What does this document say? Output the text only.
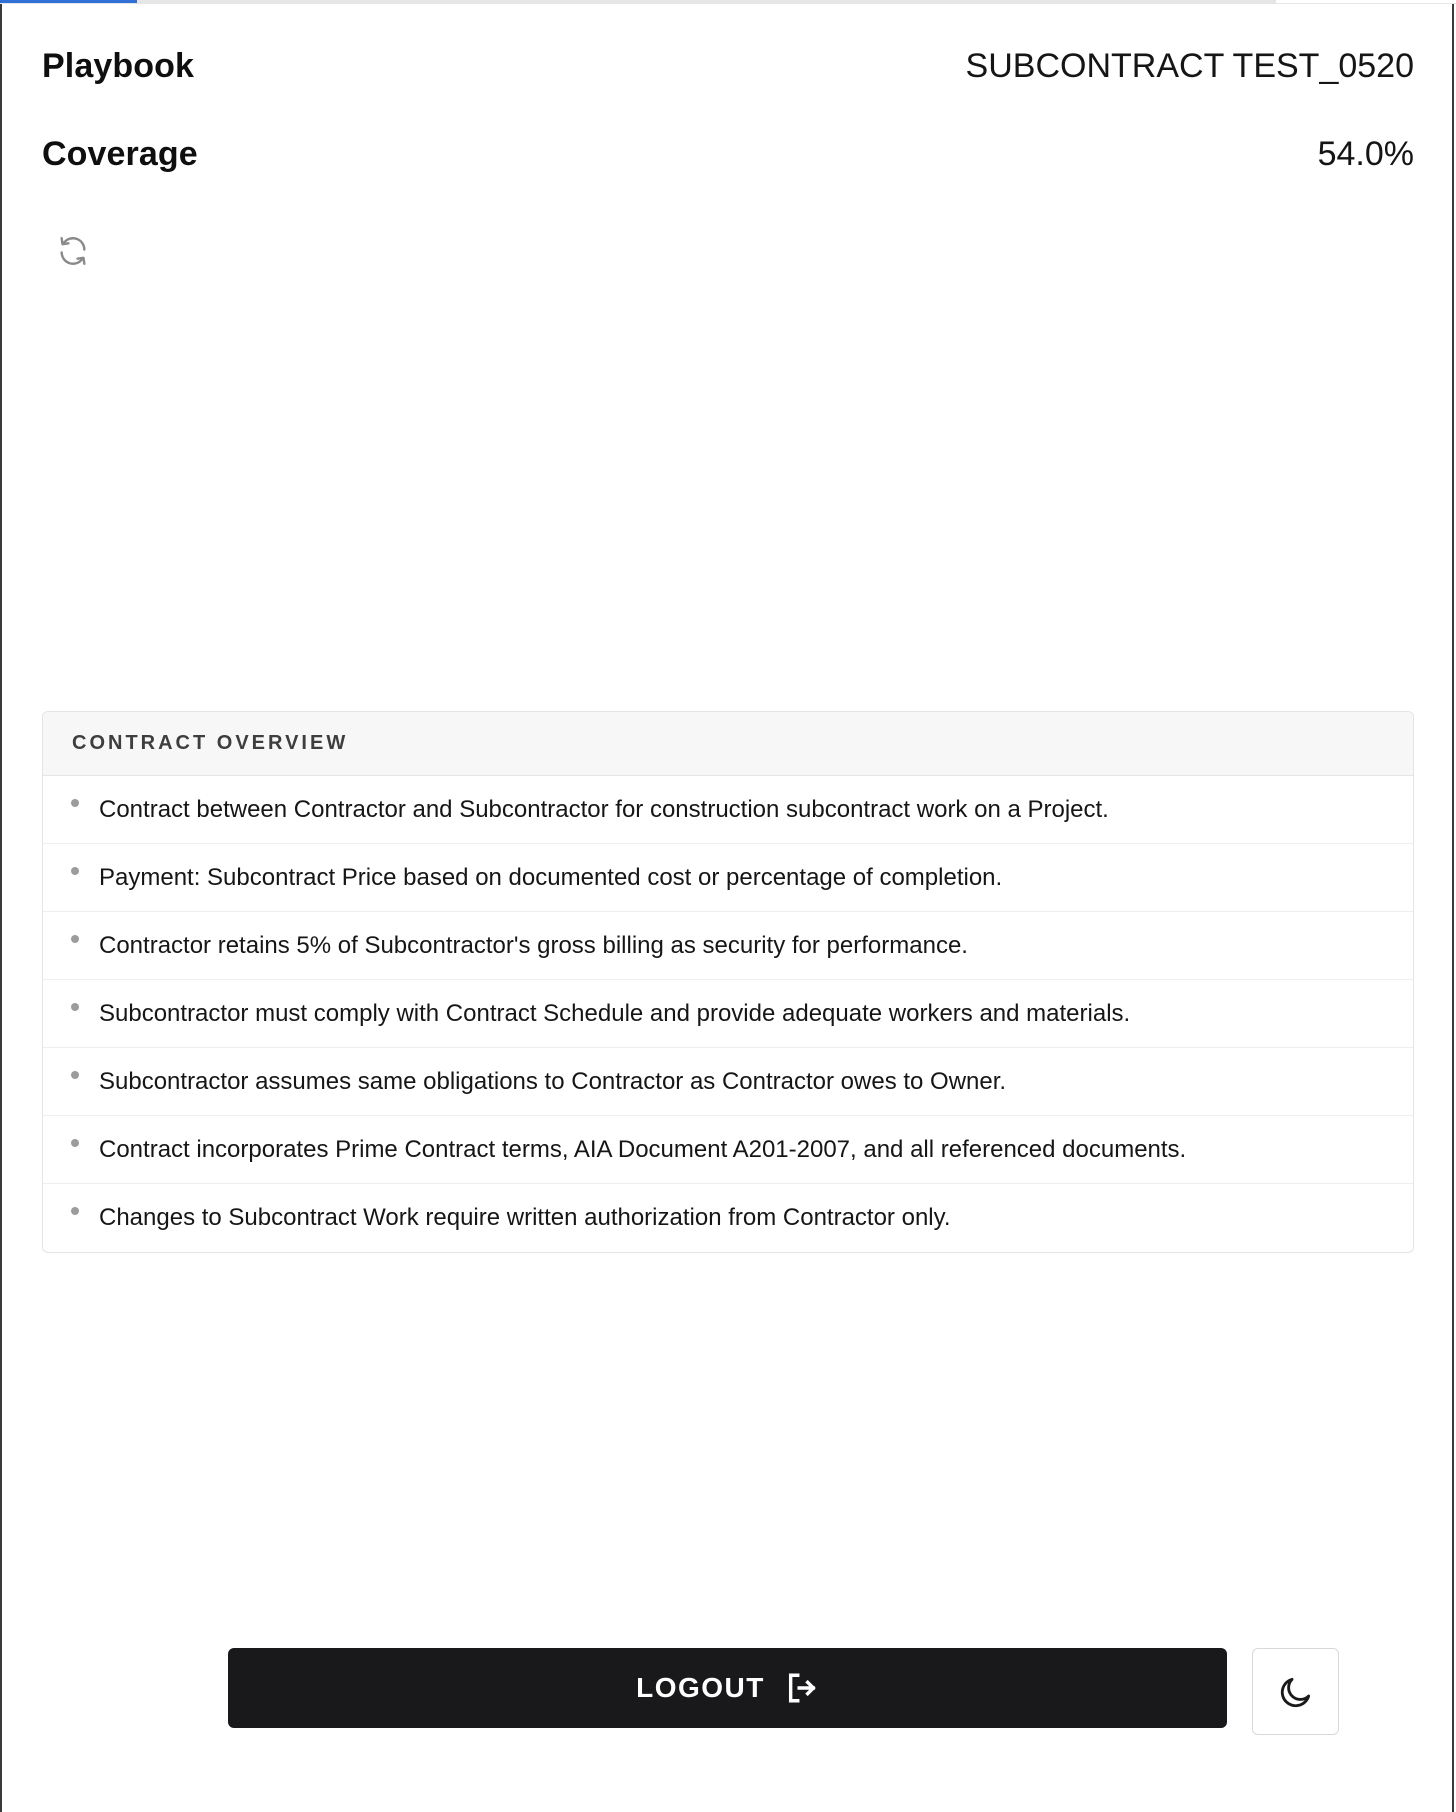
Playbook	SUBCONTRACT TEST_0520
Coverage	54.0%
CONTRACT OVERVIEW
Contract between Contractor and Subcontractor for construction subcontract work on a Project.
Payment: Subcontract Price based on documented cost or percentage of completion.
Contractor retains 5% of Subcontractor's gross billing as security for performance.
Subcontractor must comply with Contract Schedule and provide adequate workers and materials.
Subcontractor assumes same obligations to Contractor as Contractor owes to Owner.
Contract incorporates Prime Contract terms, AIA Document A201-2007, and all referenced documents.
Changes to Subcontract Work require written authorization from Contractor only.
LOGOUT
